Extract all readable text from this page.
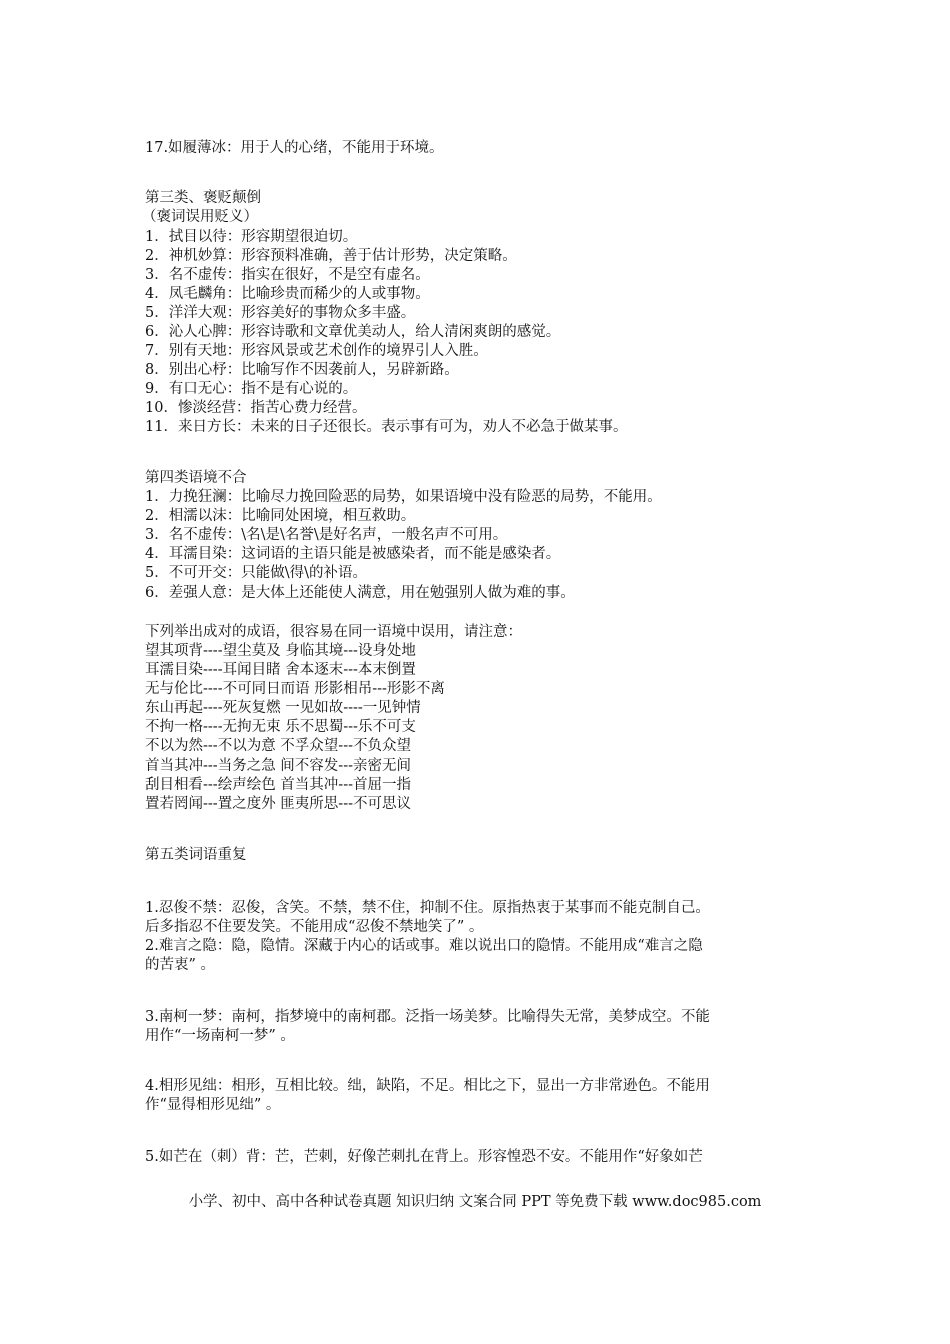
17.如履薄冰：用于人的心绪，不能用于环境。
第三类、褒贬颠倒
（褒词误用贬义）
1．拭目以待：形容期望很迫切。
2．神机妙算：形容预料准确，善于估计形势，决定策略。
3．名不虚传：指实在很好，不是空有虚名。
4．凤毛麟角：比喻珍贵而稀少的人或事物。
5．洋洋大观：形容美好的事物众多丰盛。
6．沁人心脾：形容诗歌和文章优美动人，给人清闲爽朗的感觉。
7．别有天地：形容风景或艺术创作的境界引人入胜。
8．别出心杼：比喻写作不因袭前人，另辟新路。
9．有口无心：指不是有心说的。
10．惨淡经营：指苦心费力经营。
11．来日方长：未来的日子还很长。表示事有可为，劝人不必急于做某事。
第四类语境不合
1．力挽狂澜：比喻尽力挽回险恶的局势，如果语境中没有险恶的局势，不能用。
2．相濡以沫：比喻同处困境，相互救助。
3．名不虚传：\名\是\名誉\是好名声，一般名声不可用。
4．耳濡目染：这词语的主语只能是被感染者，而不能是感染者。
5．不可开交：只能做\得\的补语。
6．差强人意：是大体上还能使人满意，用在勉强别人做为难的事。
下列举出成对的成语，很容易在同一语境中误用，请注意：
望其项背----望尘莫及 身临其境---设身处地
耳濡目染----耳闻目睹 舍本逐末---本末倒置
无与伦比----不可同日而语 形影相吊---形影不离
东山再起----死灰复燃 一见如故----一见钟情
不拘一格----无拘无束 乐不思蜀---乐不可支
不以为然---不以为意 不孚众望---不负众望
首当其冲---当务之急 间不容发---亲密无间
刮目相看---绘声绘色 首当其冲---首屈一指
置若罔闻---置之度外 匪夷所思---不可思议
第五类词语重复
1.忍俊不禁：忍俊，含笑。不禁，禁不住，抑制不住。原指热衷于某事而不能克制自己。
后多指忍不住要发笑。不能用成“忍俊不禁地笑了” 。
2.难言之隐：隐，隐情。深藏于内心的话或事。难以说出口的隐情。不能用成“难言之隐
的苦衷” 。
3.南柯一梦：南柯，指梦境中的南柯郡。泛指一场美梦。比喻得失无常，美梦成空。不能
用作“一场南柯一梦” 。
4.相形见绌：相形，互相比较。绌，缺陷，不足。相比之下，显出一方非常逊色。不能用
作“显得相形见绌” 。
5.如芒在（刺）背：芒，芒刺，好像芒刺扎在背上。形容惶恐不安。不能用作“好象如芒
小学、初中、高中各种试卷真题 知识归纳 文案合同 PPT 等免费下载 www.doc985.com
